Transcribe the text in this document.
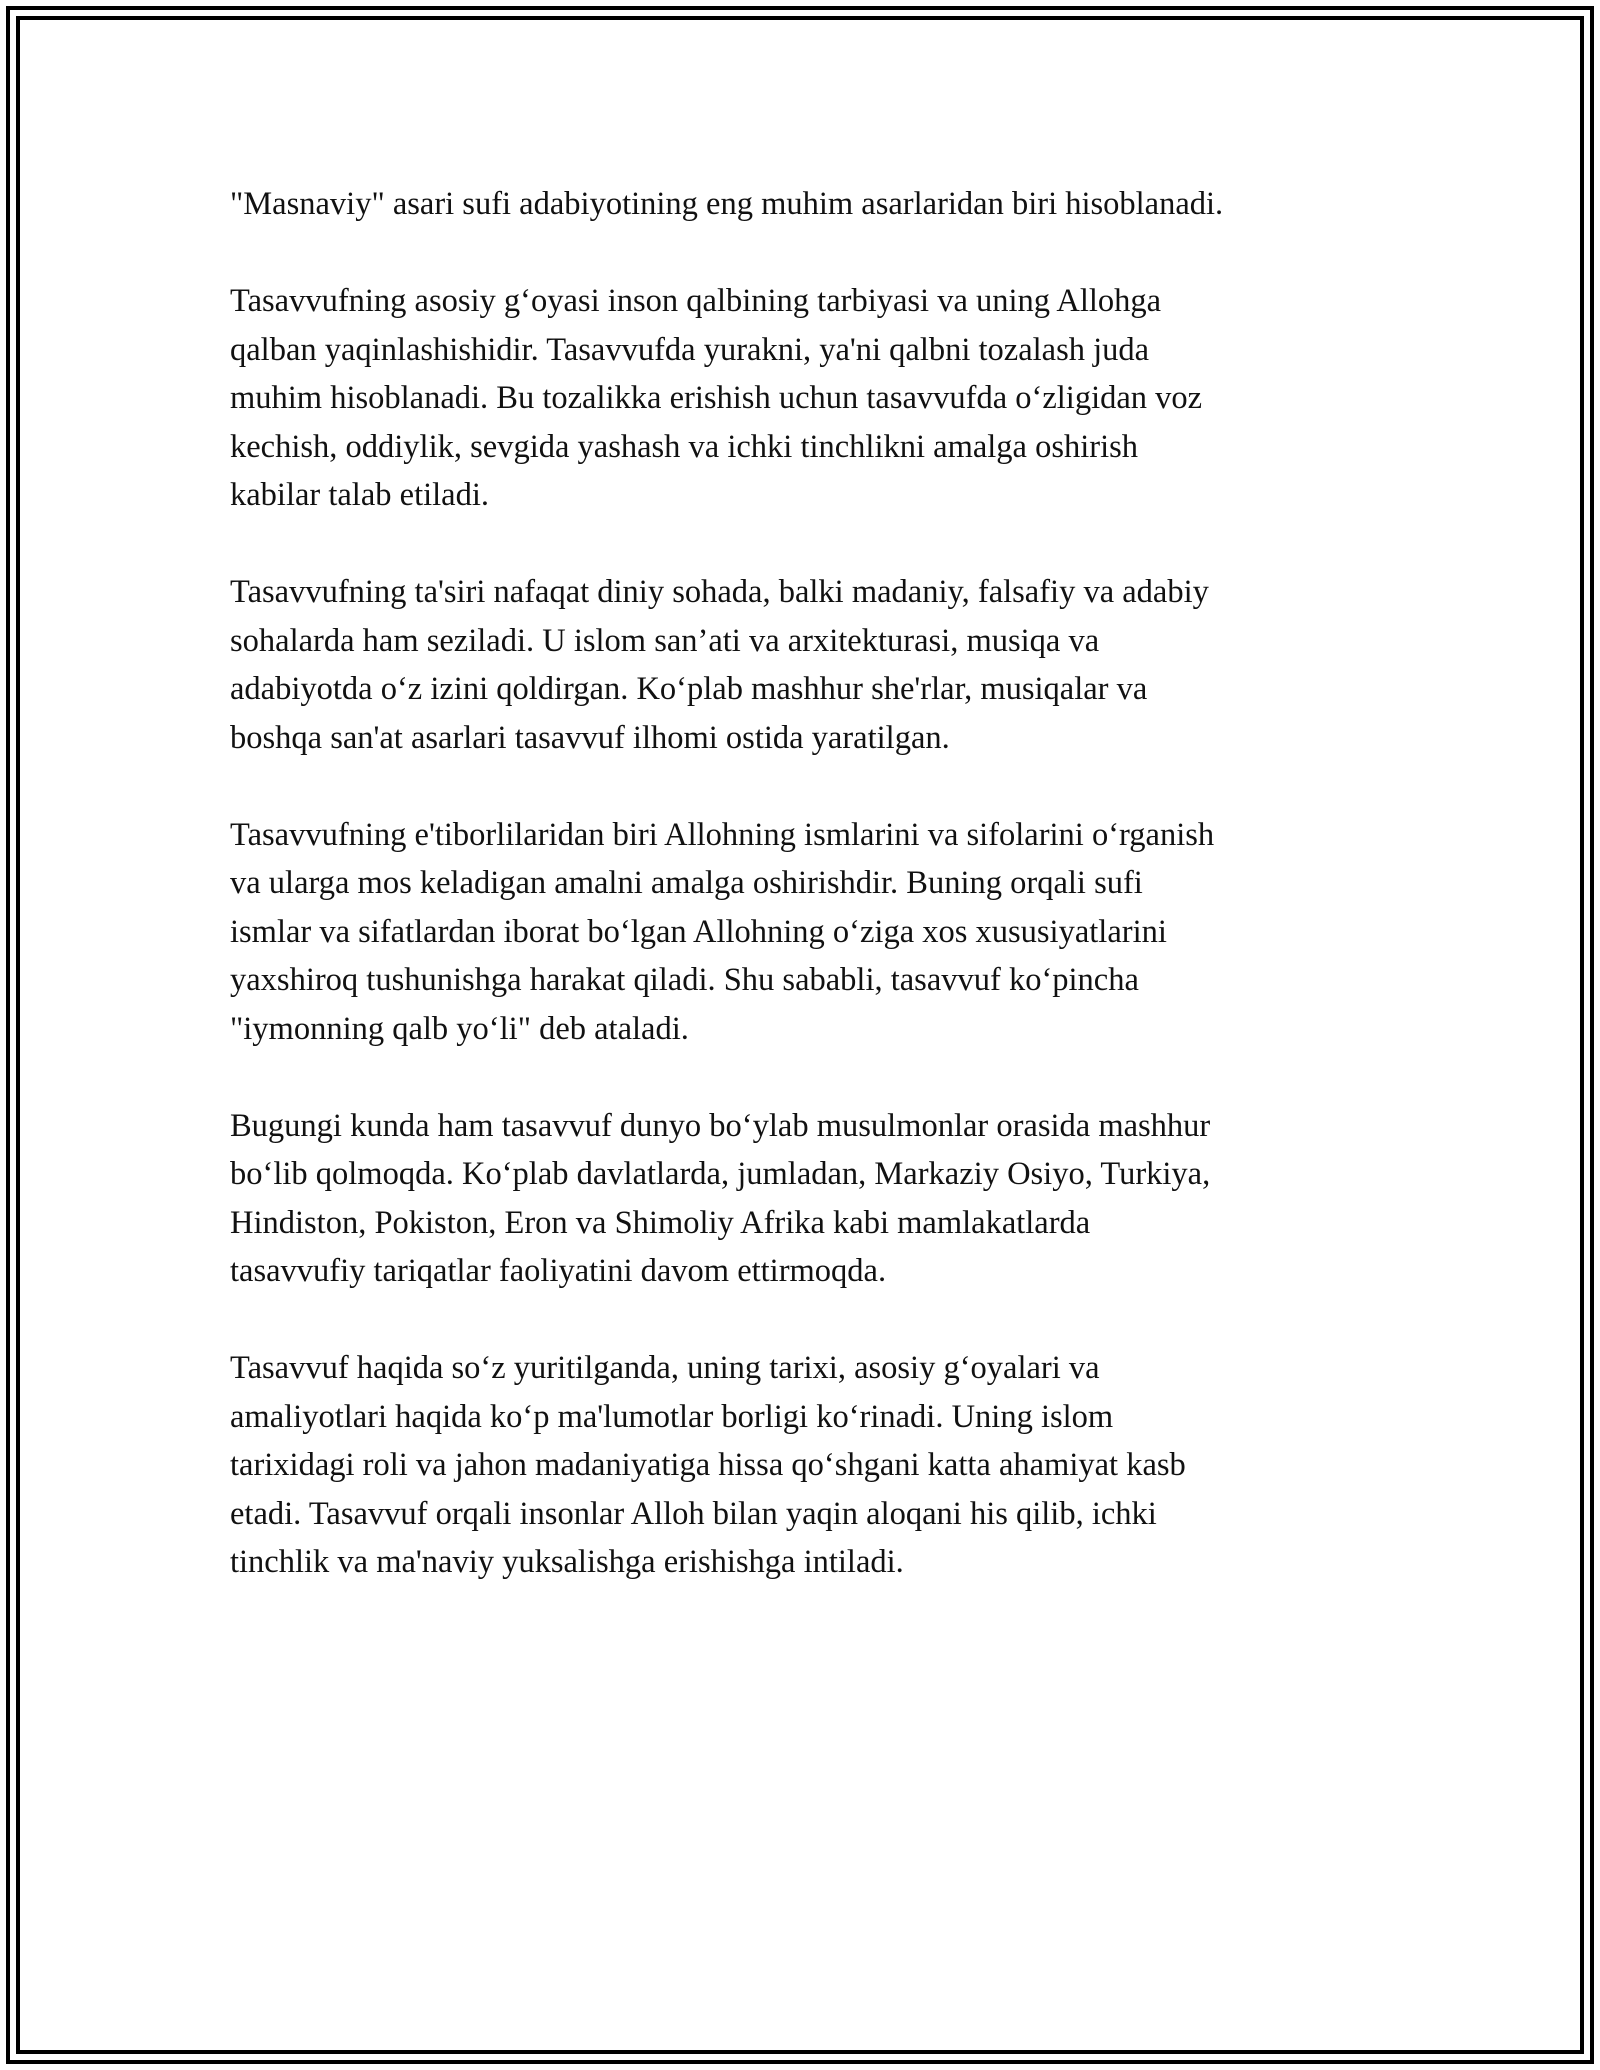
"Masnaviy" asari sufi adabiyotining eng muhim asarlaridan biri hisoblanadi.

Tasavvufning asosiy g‘oyasi inson qalbining tarbiyasi va uning Allohga
qalban yaqinlashishidir. Tasavvufda yurakni, ya'ni qalbni tozalash juda
muhim hisoblanadi. Bu tozalikka erishish uchun tasavvufda o‘zligidan voz
kechish, oddiylik, sevgida yashash va ichki tinchlikni amalga oshirish
kabilar talab etiladi.

Tasavvufning ta'siri nafaqat diniy sohada, balki madaniy, falsafiy va adabiy
sohalarda ham seziladi. U islom san’ati va arxitekturasi, musiqa va
adabiyotda o‘z izini qoldirgan. Ko‘plab mashhur she'rlar, musiqalar va
boshqa san'at asarlari tasavvuf ilhomi ostida yaratilgan.

Tasavvufning e'tiborlilaridan biri Allohning ismlarini va sifolarini o‘rganish
va ularga mos keladigan amalni amalga oshirishdir. Buning orqali sufi
ismlar va sifatlardan iborat bo‘lgan Allohning o‘ziga xos xususiyatlarini
yaxshiroq tushunishga harakat qiladi. Shu sababli, tasavvuf ko‘pincha
"iymonning qalb yo‘li" deb ataladi.

Bugungi kunda ham tasavvuf dunyo bo‘ylab musulmonlar orasida mashhur
bo‘lib qolmoqda. Ko‘plab davlatlarda, jumladan, Markaziy Osiyo, Turkiya,
Hindiston, Pokiston, Eron va Shimoliy Afrika kabi mamlakatlarda
tasavvufiy tariqatlar faoliyatini davom ettirmoqda.

Tasavvuf haqida so‘z yuritilganda, uning tarixi, asosiy g‘oyalari va
amaliyotlari haqida ko‘p ma'lumotlar borligi ko‘rinadi. Uning islom
tarixidagi roli va jahon madaniyatiga hissa qo‘shgani katta ahamiyat kasb
etadi. Tasavvuf orqali insonlar Alloh bilan yaqin aloqani his qilib, ichki
tinchlik va ma'naviy yuksalishga erishishga intiladi.
